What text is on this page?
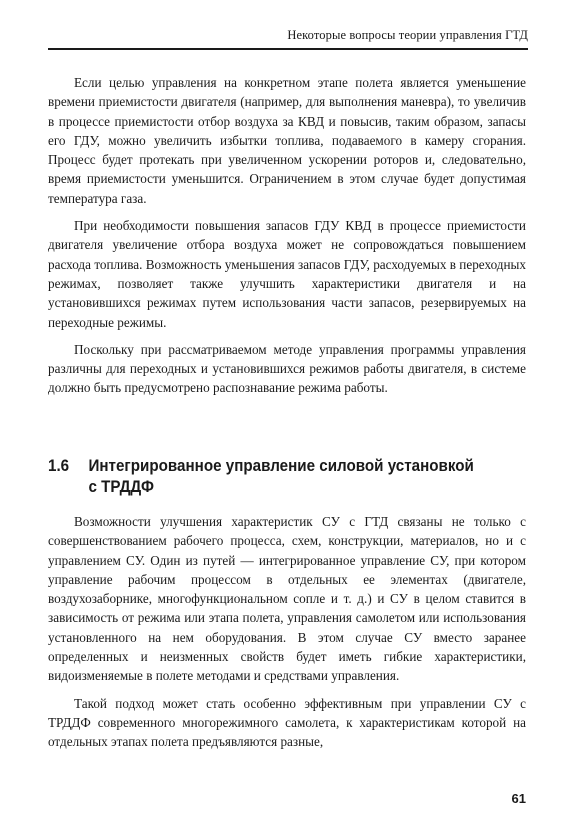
Некоторые вопросы теории управления ГТД

Если целью управления на конкретном этапе полета является уменьшение времени приемистости двигателя (например, для выполнения маневра), то увеличив в процессе приемистости отбор воздуха за КВД и повысив, таким образом, запасы его ГДУ, можно увеличить избытки топлива, подаваемого в камеру сгорания. Процесс будет протекать при увеличенном ускорении роторов и, следовательно, время приемистости уменьшится. Ограничением в этом случае будет допустимая температура газа.

При необходимости повышения запасов ГДУ КВД в процессе приемистости двигателя увеличение отбора воздуха может не сопровождаться повышением расхода топлива. Возможность уменьшения запасов ГДУ, расходуемых в переходных режимах, позволяет также улучшить характеристики двигателя и на установившихся режимах путем использования части запасов, резервируемых на переходные режимы.

Поскольку при рассматриваемом методе управления программы управления различны для переходных и установившихся режимов работы двигателя, в системе должно быть предусмотрено распознавание режима работы.

1.6 Интегрированное управление силовой установкой
с ТРДДФ

Возможности улучшения характеристик СУ с ГТД связаны не только с совершенствованием рабочего процесса, схем, конструкции, материалов, но и с управлением СУ. Один из путей — интегрированное управление СУ, при котором управление рабочим процессом в отдельных ее элементах (двигателе, воздухозаборнике, многофункциональном сопле и т. д.) и СУ в целом ставится в зависимость от режима или этапа полета, управления самолетом или использования установленного на нем оборудования. В этом случае СУ вместо заранее определенных и неизменных свойств будет иметь гибкие характеристики, видоизменяемые в полете методами и средствами управления.

Такой подход может стать особенно эффективным при управлении СУ с ТРДДФ современного многорежимного самолета, к характеристикам которой на отдельных этапах полета предъявляются разные,

61
